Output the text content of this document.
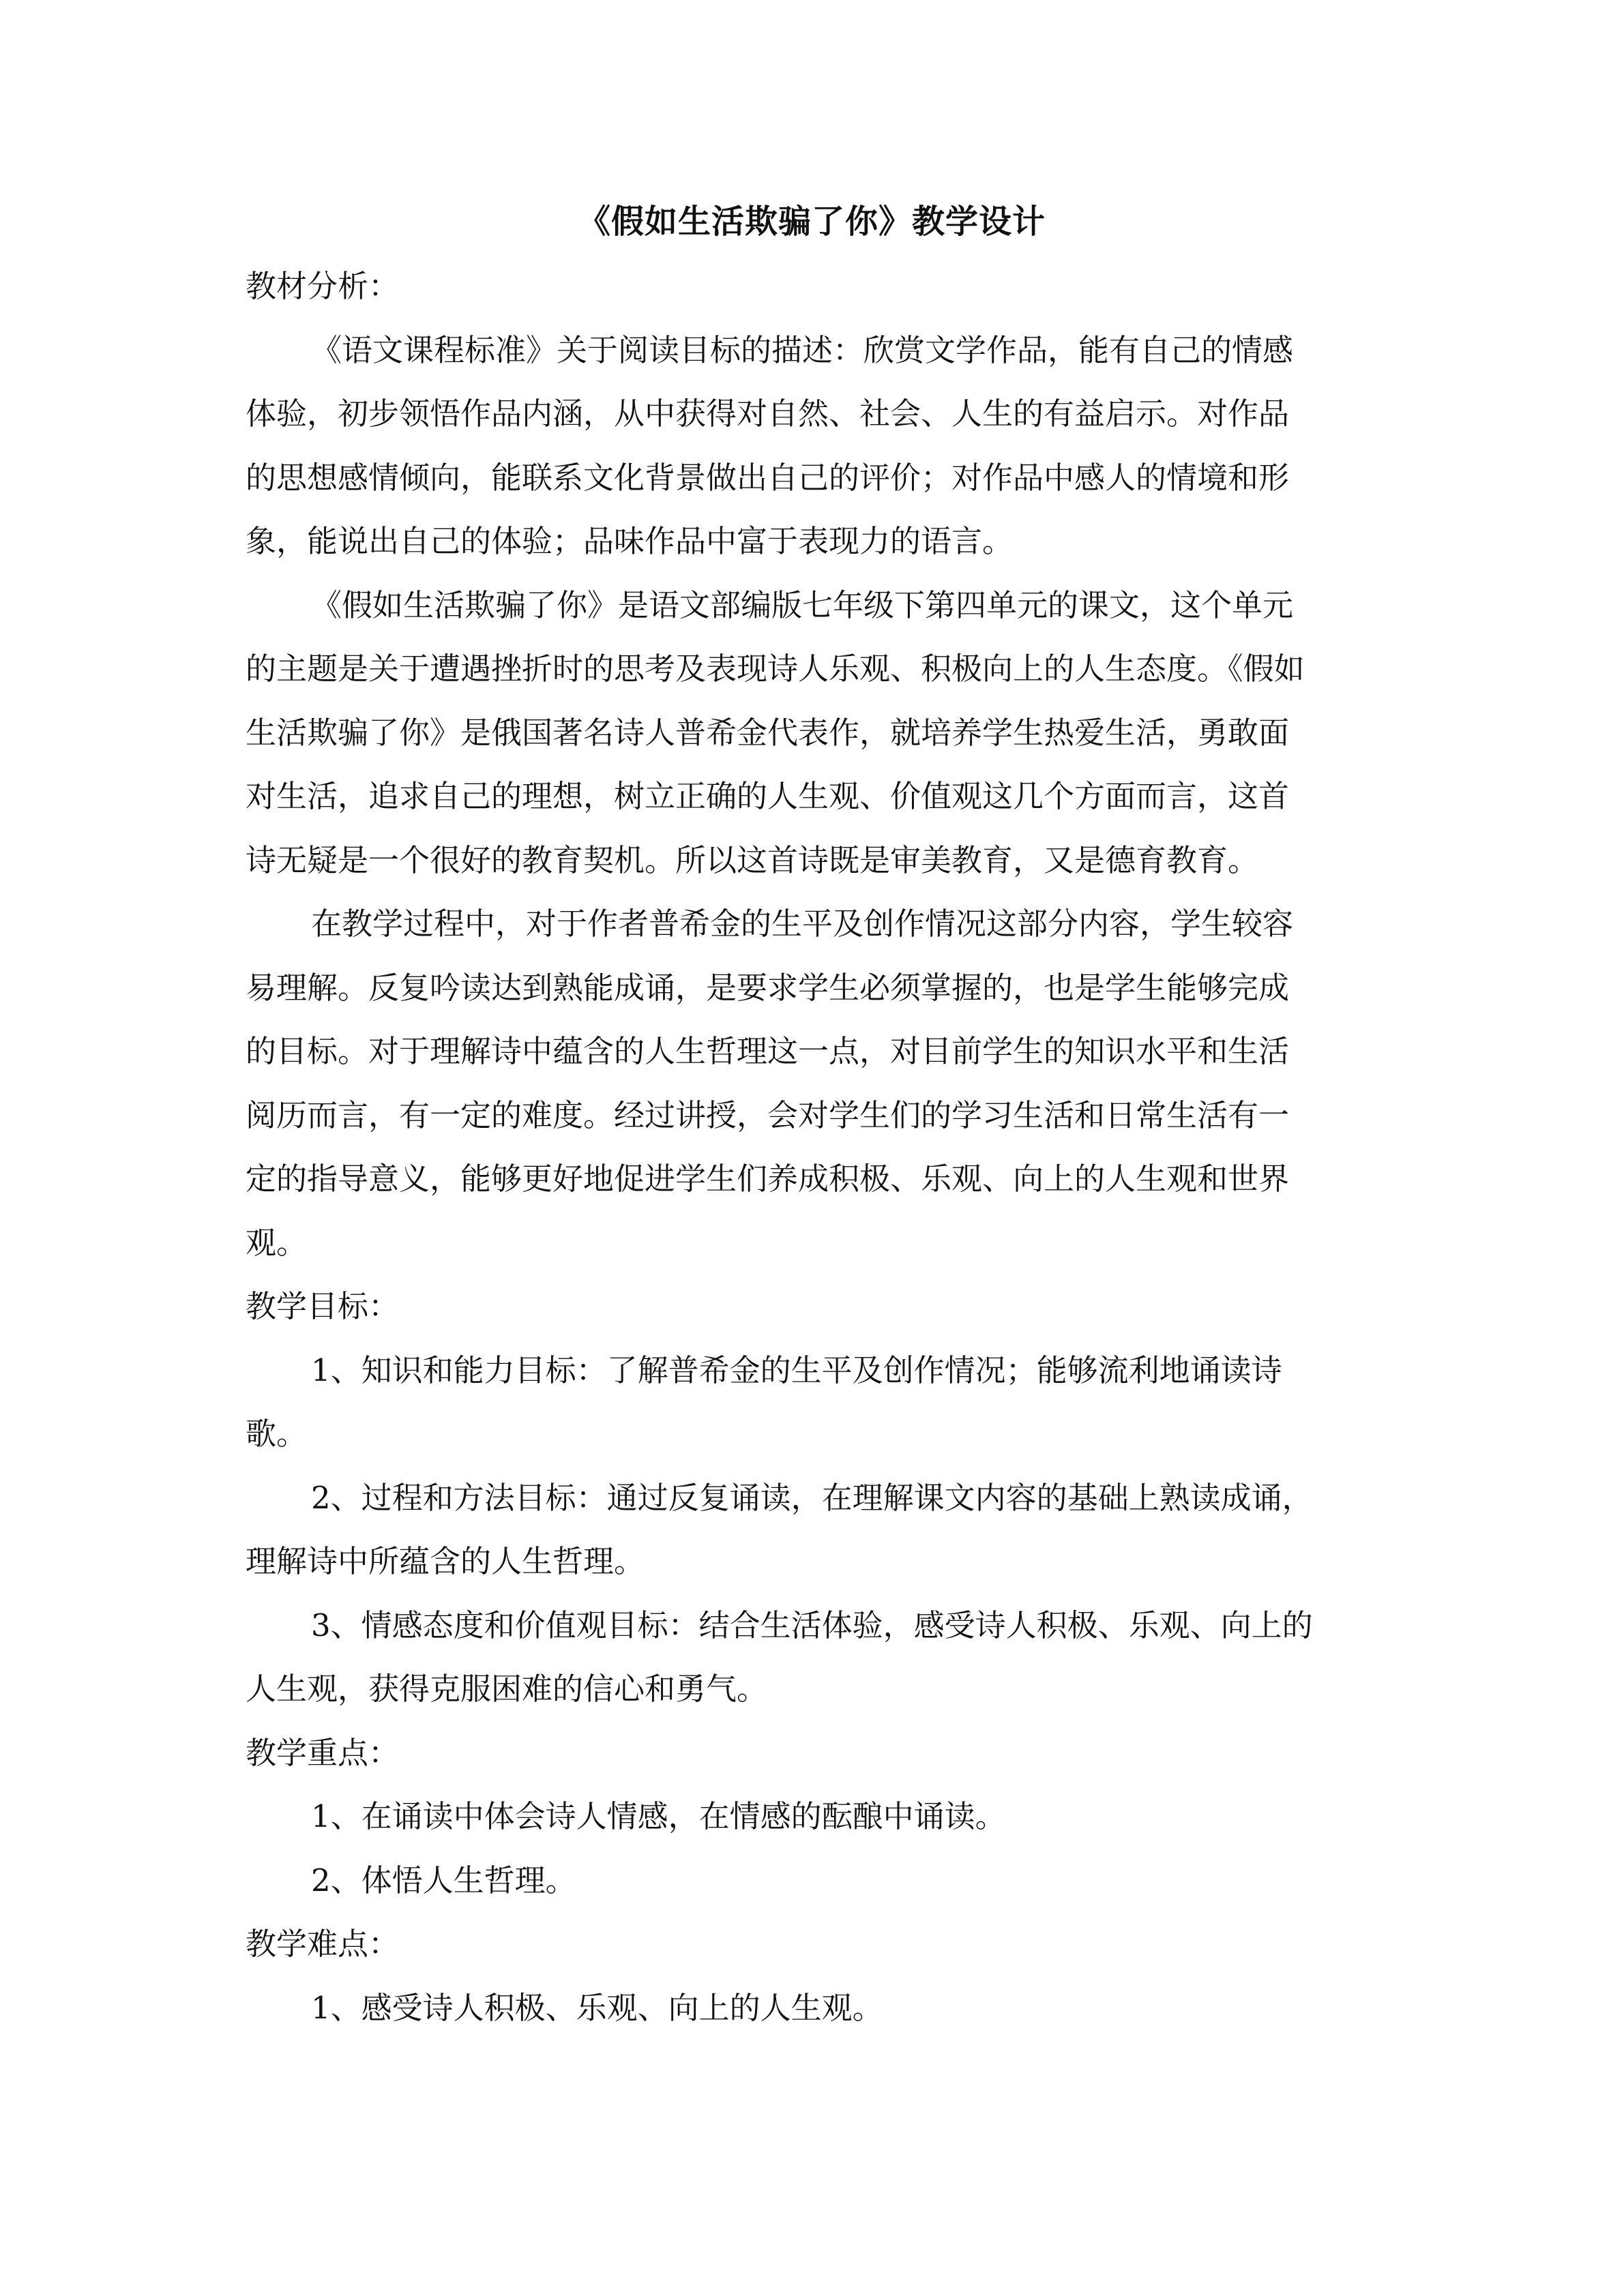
《假如生活欺骗了你》教学设计

教材分析：

《语文课程标准》关于阅读目标的描述：欣赏文学作品，能有自己的情感

体验，初步领悟作品内涵，从中获得对自然、社会、人生的有益启示。对作品

的思想感情倾向，能联系文化背景做出自己的评价；对作品中感人的情境和形

象，能说出自己的体验；品味作品中富于表现力的语言。

《假如生活欺骗了你》是语文部编版七年级下第四单元的课文，这个单元

的主题是关于遭遇挫折时的思考及表现诗人乐观、积极向上的人生态度。《假如

生活欺骗了你》是俄国著名诗人普希金代表作，就培养学生热爱生活，勇敢面

对生活，追求自己的理想，树立正确的人生观、价值观这几个方面而言，这首

诗无疑是一个很好的教育契机。所以这首诗既是审美教育，又是德育教育。

在教学过程中，对于作者普希金的生平及创作情况这部分内容，学生较容

易理解。反复吟读达到熟能成诵，是要求学生必须掌握的，也是学生能够完成

的目标。对于理解诗中蕴含的人生哲理这一点，对目前学生的知识水平和生活

阅历而言，有一定的难度。经过讲授，会对学生们的学习生活和日常生活有一

定的指导意义，能够更好地促进学生们养成积极、乐观、向上的人生观和世界

观。

教学目标：

1、知识和能力目标：了解普希金的生平及创作情况；能够流利地诵读诗

歌。

2、过程和方法目标：通过反复诵读，在理解课文内容的基础上熟读成诵，

理解诗中所蕴含的人生哲理。

3、情感态度和价值观目标：结合生活体验，感受诗人积极、乐观、向上的

人生观，获得克服困难的信心和勇气。

教学重点：

1、在诵读中体会诗人情感，在情感的酝酿中诵读。

2、体悟人生哲理。

教学难点：

1、感受诗人积极、乐观、向上的人生观。
